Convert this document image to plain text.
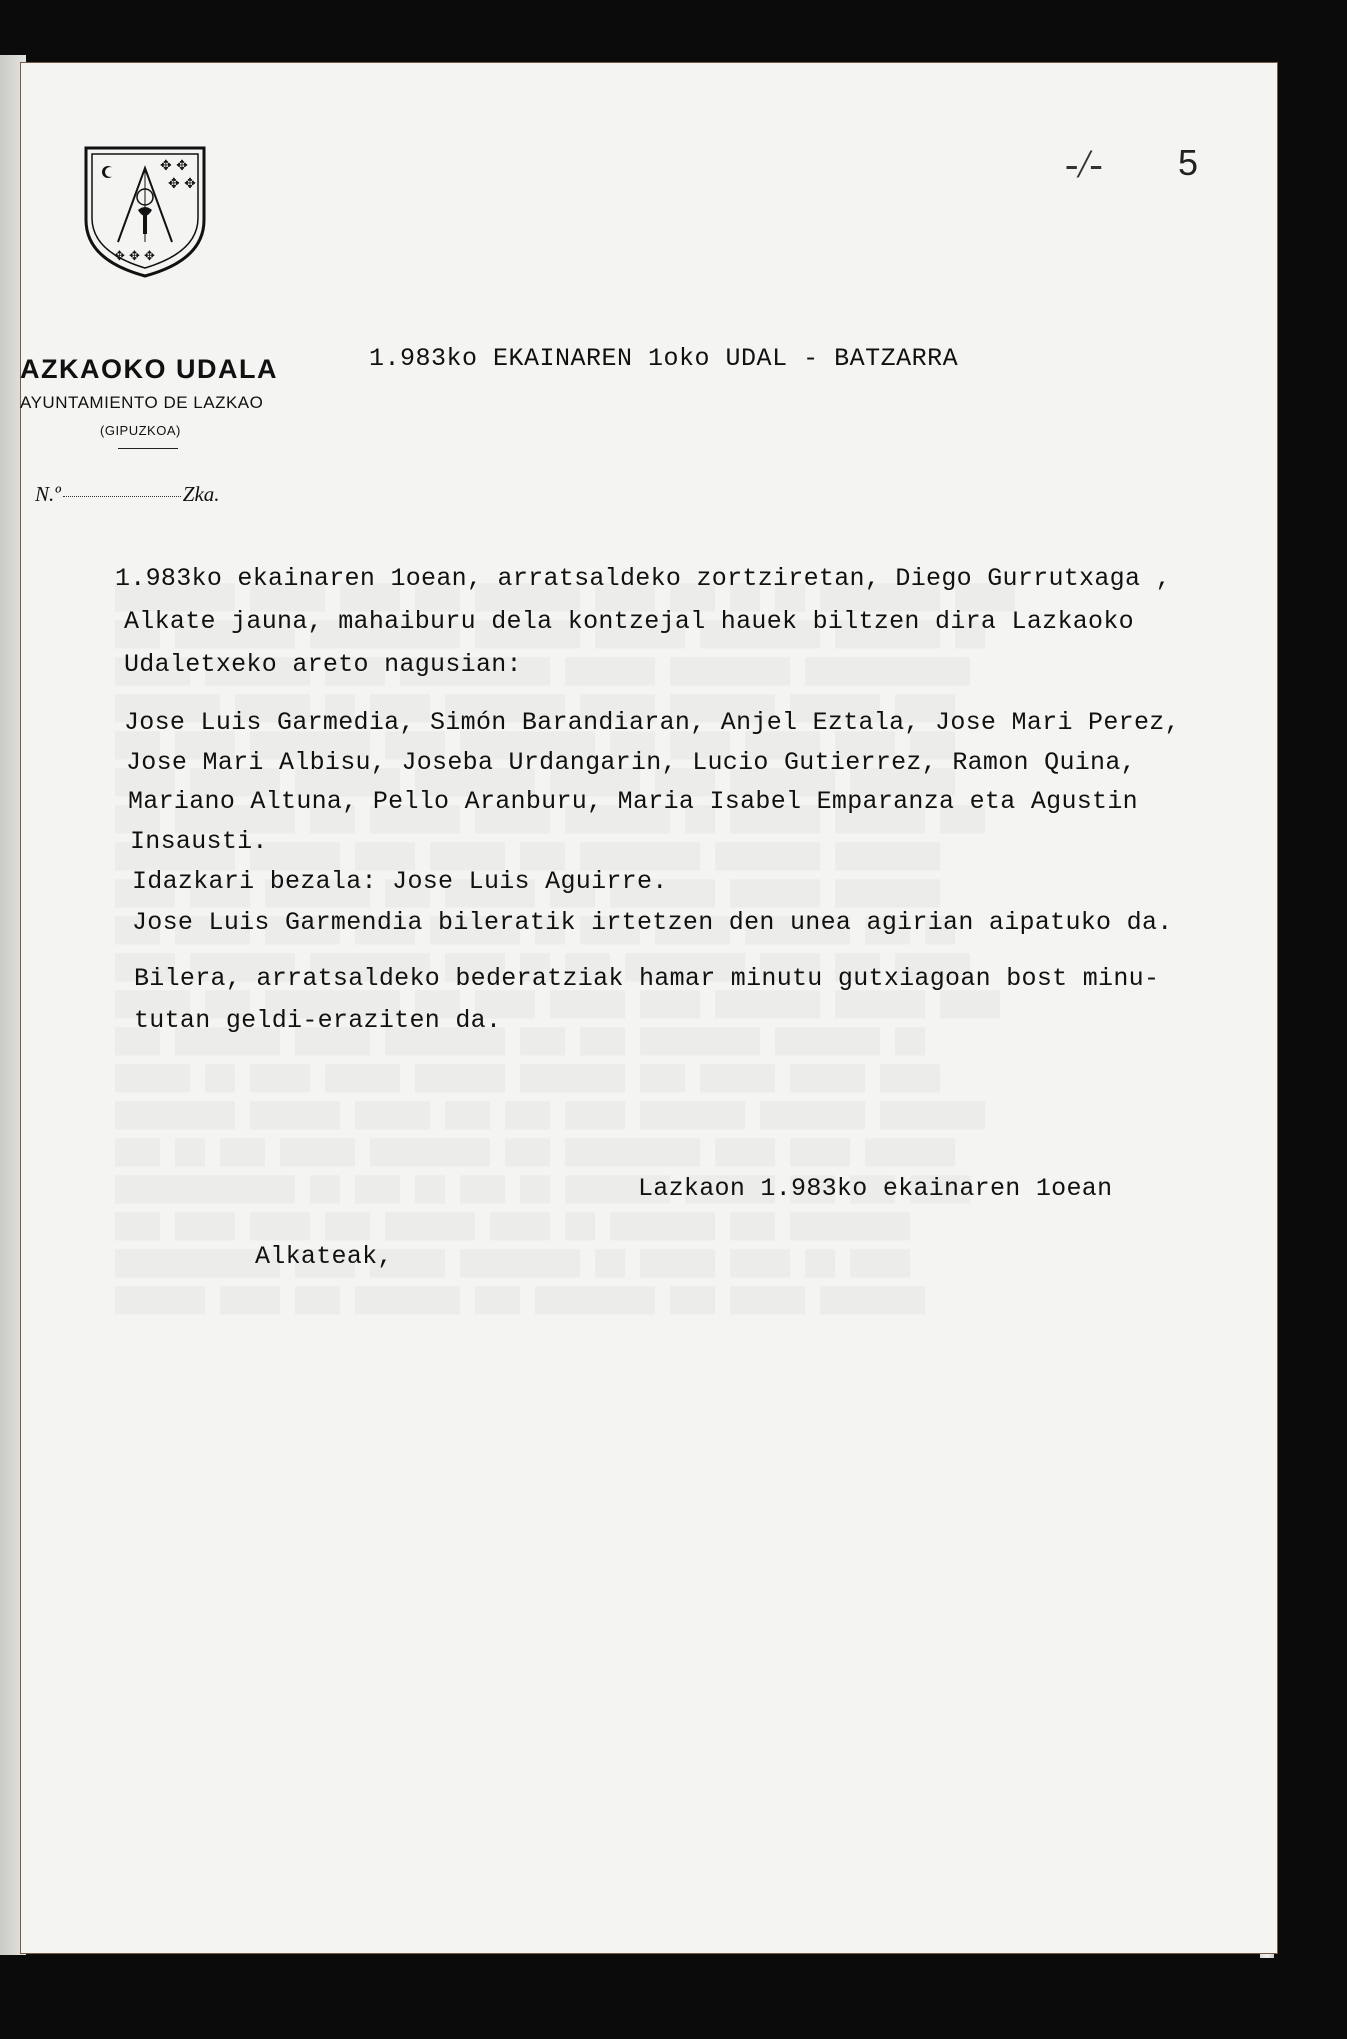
✥ ✥
✥ ✥
✥ ✥ ✥
AZKAOKO UDALA
AYUNTAMIENTO DE LAZKAO
(GIPUZKOA)
N.º	Zka.
-/- 5
1.983ko EKAINAREN 1oko UDAL - BATZARRA
1.983ko ekainaren 1oean, arratsaldeko zortziretan, Diego Gurrutxaga ,
Alkate jauna, mahaiburu dela kontzejal hauek biltzen dira Lazkaoko
Udaletxeko areto nagusian:
Jose Luis Garmedia, Simón Barandiaran, Anjel Eztala, Jose Mari Perez,
Jose Mari Albisu, Joseba Urdangarin, Lucio Gutierrez, Ramon Quina,
Mariano Altuna, Pello Aranburu, Maria Isabel Emparanza eta Agustin
Insausti.
Idazkari bezala: Jose Luis Aguirre.
Jose Luis Garmendia bileratik irtetzen den unea agirian aipatuko da.
Bilera, arratsaldeko bederatziak hamar minutu gutxiagoan bost minu-
tutan geldi-eraziten da.
Lazkaon 1.983ko ekainaren 1oean
Alkateak,
